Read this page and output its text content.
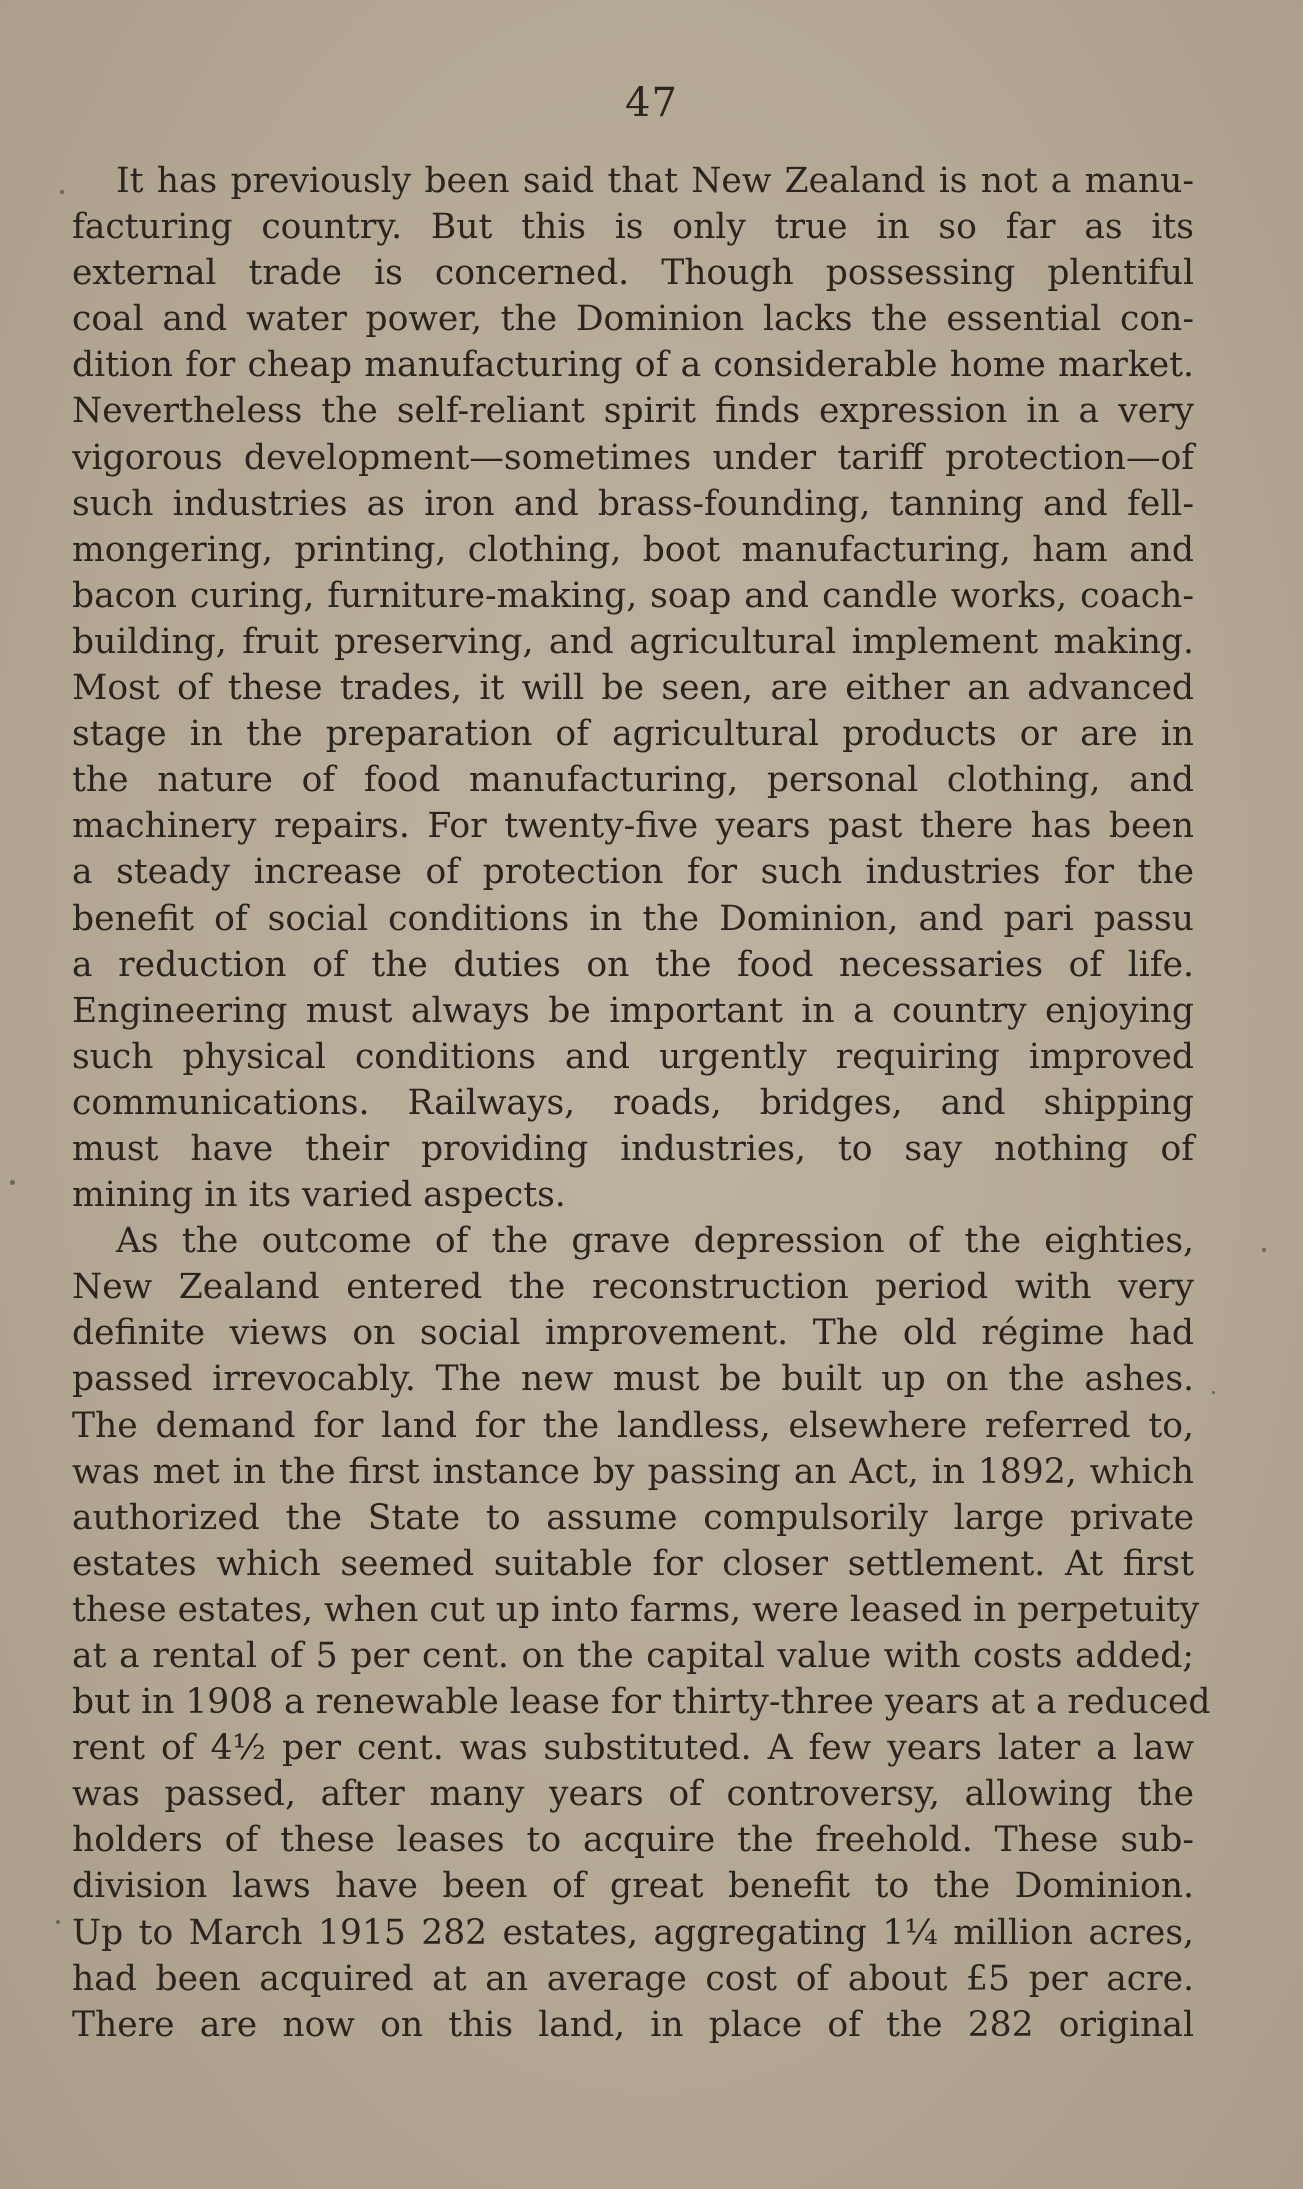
47
It has previously been said that New Zealand is not a manu-
facturing country. But this is only true in so far as its
external trade is concerned. Though possessing plentiful
coal and water power, the Dominion lacks the essential con-
dition for cheap manufacturing of a considerable home market.
Nevertheless the self-reliant spirit finds expression in a very
vigorous development—sometimes under tariff protection—of
such industries as iron and brass-founding, tanning and fell-
mongering, printing, clothing, boot manufacturing, ham and
bacon curing, furniture-making, soap and candle works, coach-
building, fruit preserving, and agricultural implement making.
Most of these trades, it will be seen, are either an advanced
stage in the preparation of agricultural products or are in
the nature of food manufacturing, personal clothing, and
machinery repairs. For twenty-five years past there has been
a steady increase of protection for such industries for the
benefit of social conditions in the Dominion, and pari passu
a reduction of the duties on the food necessaries of life.
Engineering must always be important in a country enjoying
such physical conditions and urgently requiring improved
communications. Railways, roads, bridges, and shipping
must have their providing industries, to say nothing of
mining in its varied aspects.
As the outcome of the grave depression of the eighties,
New Zealand entered the reconstruction period with very
definite views on social improvement. The old régime had
passed irrevocably. The new must be built up on the ashes.
The demand for land for the landless, elsewhere referred to,
was met in the first instance by passing an Act, in 1892, which
authorized the State to assume compulsorily large private
estates which seemed suitable for closer settlement. At first
these estates, when cut up into farms, were leased in perpetuity
at a rental of 5 per cent. on the capital value with costs added;
but in 1908 a renewable lease for thirty-three years at a reduced
rent of 4½ per cent. was substituted. A few years later a law
was passed, after many years of controversy, allowing the
holders of these leases to acquire the freehold. These sub-
division laws have been of great benefit to the Dominion.
Up to March 1915 282 estates, aggregating 1¼ million acres,
had been acquired at an average cost of about £5 per acre.
There are now on this land, in place of the 282 original
